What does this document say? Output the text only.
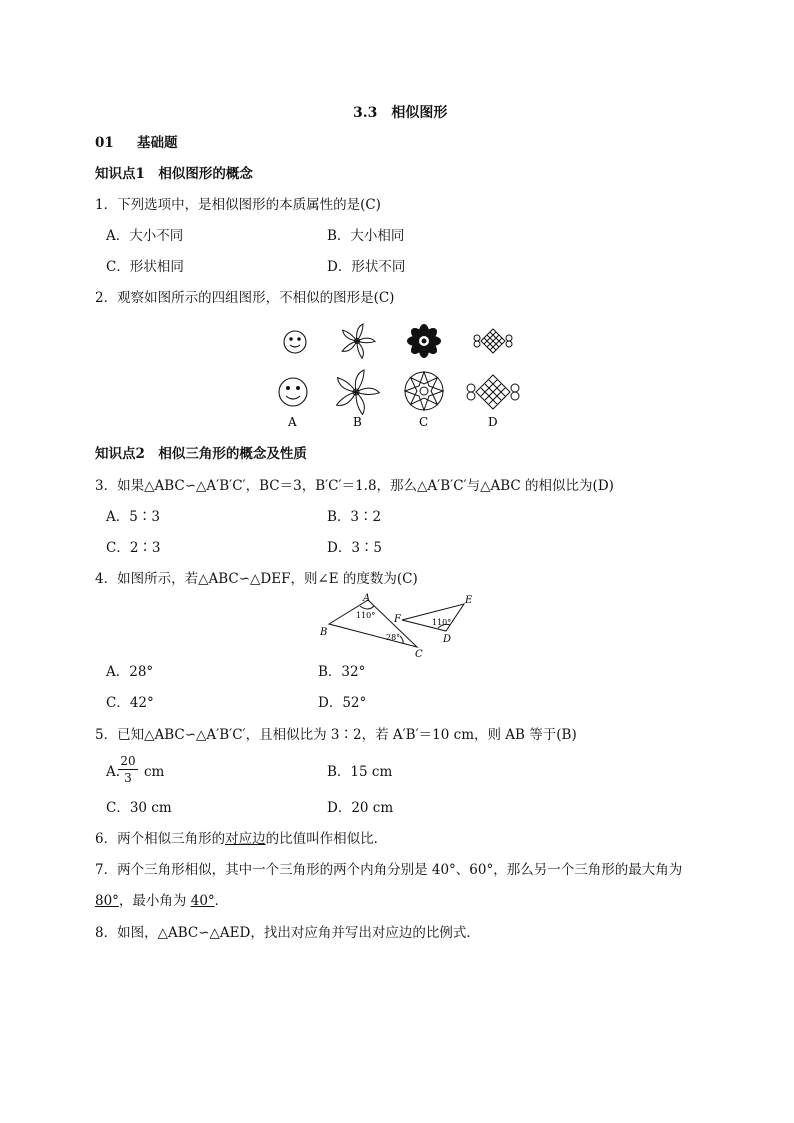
3.3　相似图形
01 基础题
知识点1　相似图形的概念
1．下列选项中，是相似图形的本质属性的是(C)
A．大小不同	B．大小相同
C．形状相同	D．形状不同
2．观察如图所示的四组图形，不相似的图形是(C)
A	B	C	D
知识点2　相似三角形的概念及性质
3．如果△ABC∽△A′B′C′，BC＝3，B′C′＝1.8，那么△A′B′C′与△ABC 的相似比为(D)
A．5∶3	B．3∶2
C．2∶3	D．3∶5
4．如图所示，若△ABC∽△DEF，则∠E 的度数为(C)
A
B
C
110°
28°
F
E
D
110°
A．28°	B．32°
C．42°	D．52°
5．已知△ABC∽△A′B′C′，且相似比为 3∶2，若 A′B′＝10 cm，则 AB 等于(B)
A.
20
3 cm	B．15 cm
C．30 cm	D．20 cm
6．两个相似三角形的对应边的比值叫作相似比．
7．两个三角形相似，其中一个三角形的两个内角分别是 40°、60°，那么另一个三角形的最大角为
80°，最小角为 40°．
8．如图，△ABC∽△AED，找出对应角并写出对应边的比例式．
